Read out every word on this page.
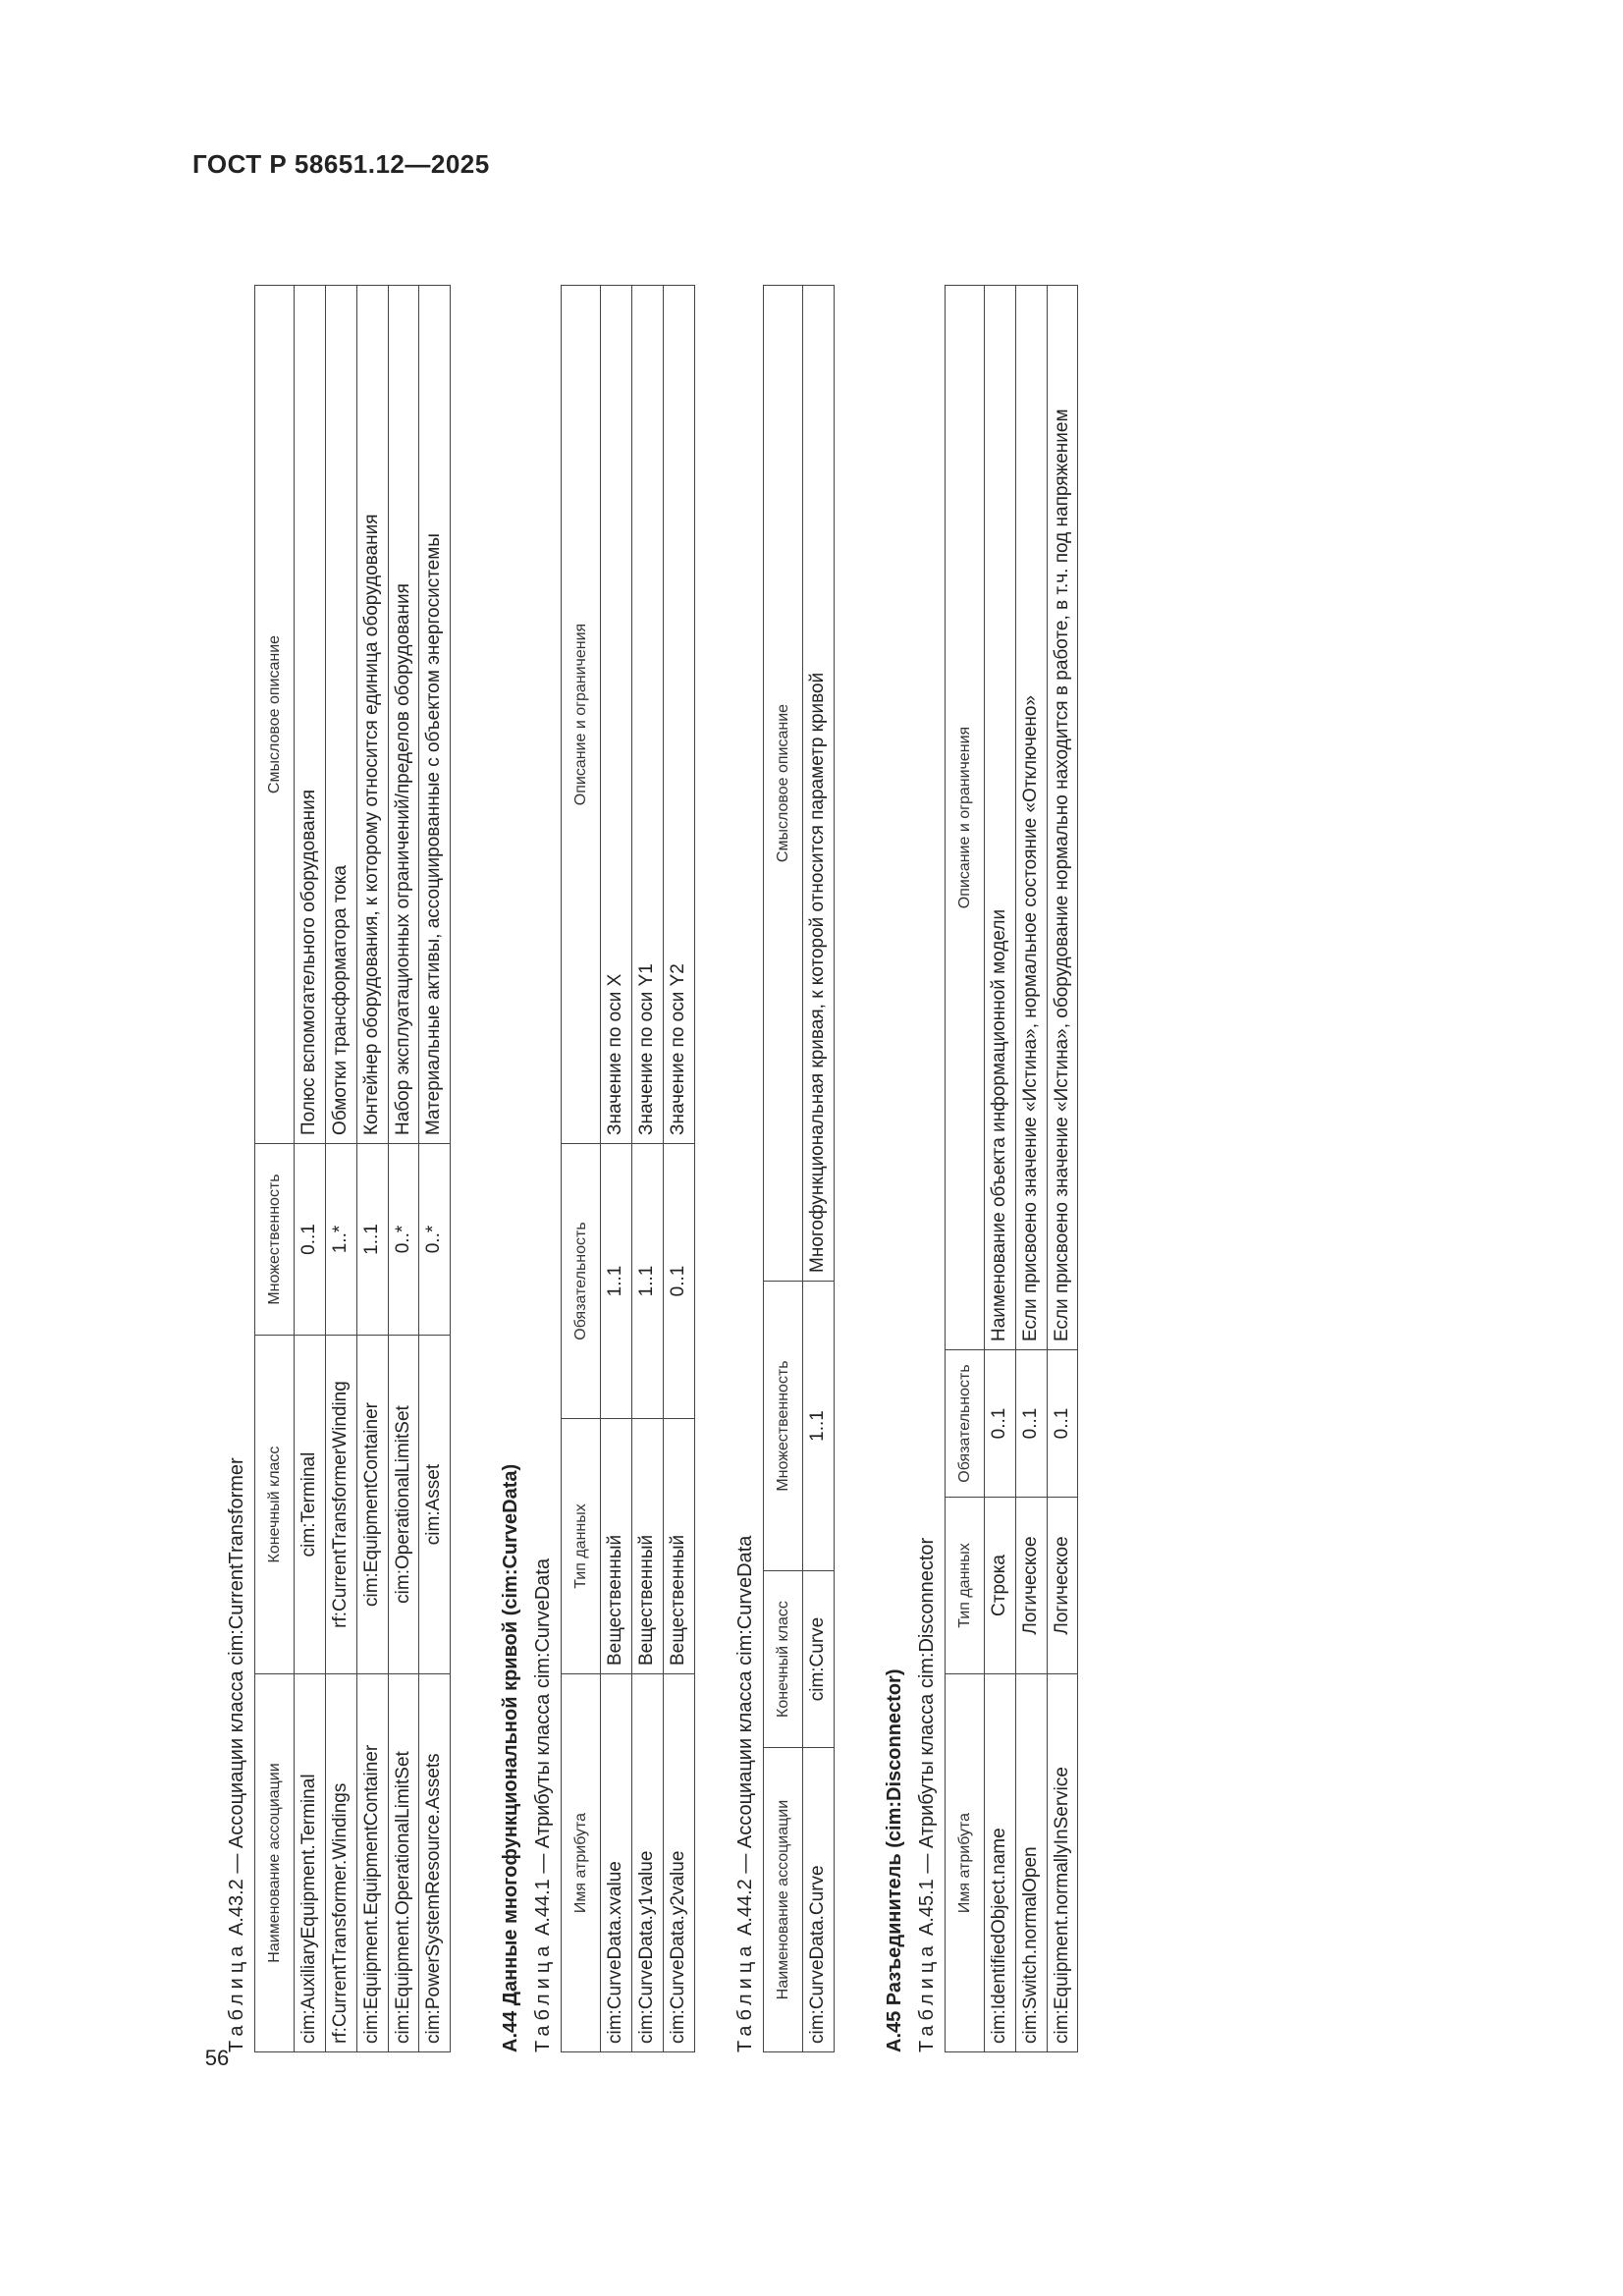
ГОСТ Р 58651.12—2025
56

Таблица А.43.2 — Ассоциации класса cim:CurrentTransformer Наименование ассоциации	Конечный класс	Множественность	Смысловое описание
cim:AuxiliaryEquipment.Terminal	cim:Terminal	0..1	Полюс вспомогательного оборудования
rf:CurrentTransformer.Windings	rf:CurrentTransformerWinding	1..*	Обмотки трансформатора тока
cim:Equipment.EquipmentContainer	cim:EquipmentContainer	1..1	Контейнер оборудования, к которому относится единица оборудования
cim:Equipment.OperationalLimitSet	cim:OperationalLimitSet	0..*	Набор эксплуатационных ограничений/пределов оборудования
cim:PowerSystemResource.Assets	cim:Asset	0..*	Материальные активы, ассоциированные с объектом энергосистемы
А.44 Данные многофункциональной кривой (cim:CurveData) Таблица А.44.1 — Атрибуты класса cim:CurveData Имя атрибута	Тип данных	Обязательность	Описание и ограничения
cim:CurveData.xvalue	Вещественный	1..1	Значение по оси X
cim:CurveData.y1value	Вещественный	1..1	Значение по оси Y1
cim:CurveData.y2value	Вещественный	0..1	Значение по оси Y2

Таблица А.44.2 — Ассоциации класса cim:CurveData Наименование ассоциации	Конечный класс	Множественность	Смысловое описание
cim:CurveData.Curve	cim:Curve	1..1	Многофункциональная кривая, к которой относится параметр кривой
А.45 Разъединитель (cim:Disconnector) Таблица А.45.1 — Атрибуты класса cim:Disconnector Имя атрибута	Тип данных	Обязательность	Описание и ограничения
cim:IdentifiedObject.name	Строка	0..1	Наименование объекта информационной модели
cim:Switch.normalOpen	Логическое	0..1	Если присвоено значение «Истина», нормальное состояние «Отключено»
cim:Equipment.normallyInService	Логическое	0..1	Если присвоено значение «Истина», оборудование нормально находится в работе, в т.ч. под напряжением
